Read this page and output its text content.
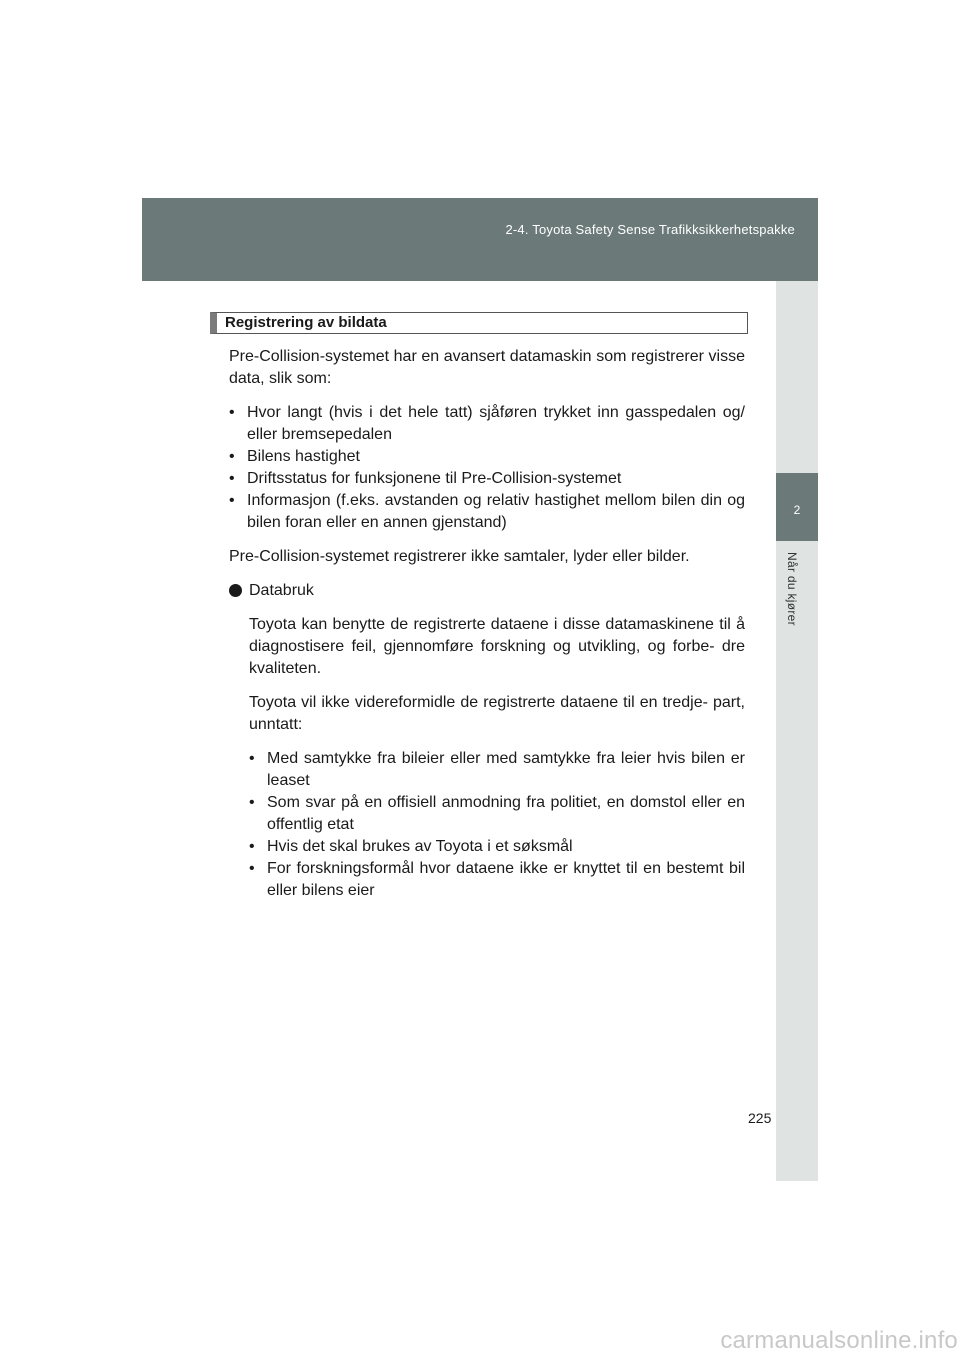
2-4. Toyota Safety Sense Trafikksikkerhetspakke
2
Når du kjører
Registrering av bildata

Pre-Collision-systemet har en avansert datamaskin som registrerer visse data, slik som:

• Hvor langt (hvis i det hele tatt) sjåføren trykket inn gasspedalen og/ eller bremsepedalen
• Bilens hastighet
• Driftsstatus for funksjonene til Pre-Collision-systemet
• Informasjon (f.eks. avstanden og relativ hastighet mellom bilen din og bilen foran eller en annen gjenstand)

Pre-Collision-systemet registrerer ikke samtaler, lyder eller bilder.

Databruk

Toyota kan benytte de registrerte dataene i disse datamaskinene til å diagnostisere feil, gjennomføre forskning og utvikling, og forbe- dre kvaliteten.

Toyota vil ikke videreformidle de registrerte dataene til en tredje- part, unntatt:

• Med samtykke fra bileier eller med samtykke fra leier hvis bilen er leaset
• Som svar på en offisiell anmodning fra politiet, en domstol eller en offentlig etat
• Hvis det skal brukes av Toyota i et søksmål
• For forskningsformål hvor dataene ikke er knyttet til en bestemt bil eller bilens eier
225
carmanualsonline.info
